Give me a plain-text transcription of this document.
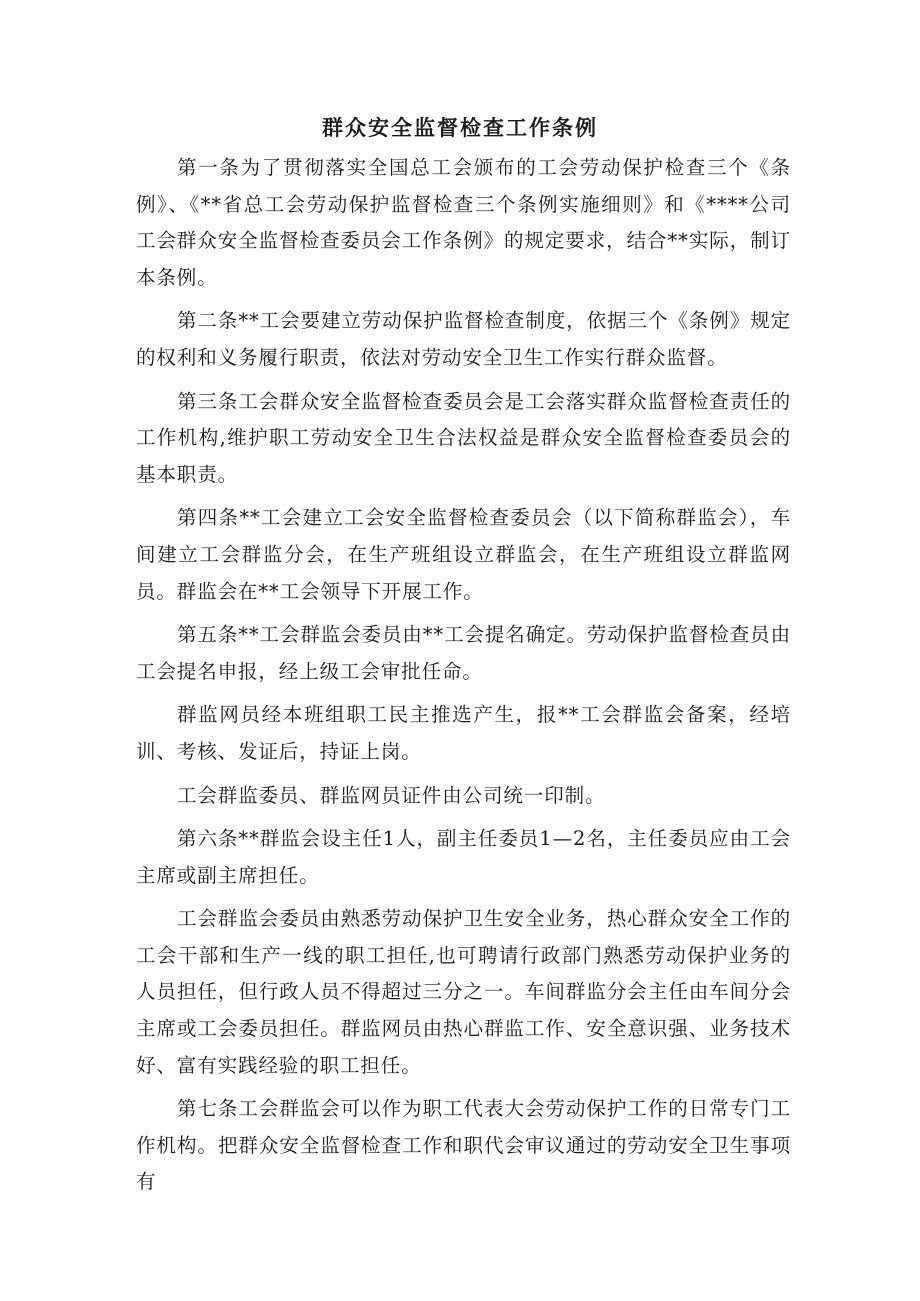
群众安全监督检查工作条例

第一条为了贯彻落实全国总工会颁布的工会劳动保护检查三个《条例》、《**省总工会劳动保护监督检查三个条例实施细则》和《****公司工会群众安全监督检查委员会工作条例》的规定要求，结合**实际，制订本条例。

第二条**工会要建立劳动保护监督检查制度，依据三个《条例》规定的权利和义务履行职责，依法对劳动安全卫生工作实行群众监督。

第三条工会群众安全监督检查委员会是工会落实群众监督检查责任的工作机构,维护职工劳动安全卫生合法权益是群众安全监督检查委员会的基本职责。

第四条**工会建立工会安全监督检查委员会（以下简称群监会），车间建立工会群监分会，在生产班组设立群监会，在生产班组设立群监网员。群监会在**工会领导下开展工作。

第五条**工会群监会委员由**工会提名确定。劳动保护监督检查员由工会提名申报，经上级工会审批任命。

群监网员经本班组职工民主推选产生，报**工会群监会备案，经培训、考核、发证后，持证上岗。

工会群监委员、群监网员证件由公司统一印制。

第六条**群监会设主任1人，副主任委员1—2名，主任委员应由工会主席或副主席担任。

工会群监会委员由熟悉劳动保护卫生安全业务，热心群众安全工作的工会干部和生产一线的职工担任,也可聘请行政部门熟悉劳动保护业务的人员担任，但行政人员不得超过三分之一。车间群监分会主任由车间分会主席或工会委员担任。群监网员由热心群监工作、安全意识强、业务技术好、富有实践经验的职工担任。

第七条工会群监会可以作为职工代表大会劳动保护工作的日常专门工作机构。把群众安全监督检查工作和职代会审议通过的劳动安全卫生事项有
